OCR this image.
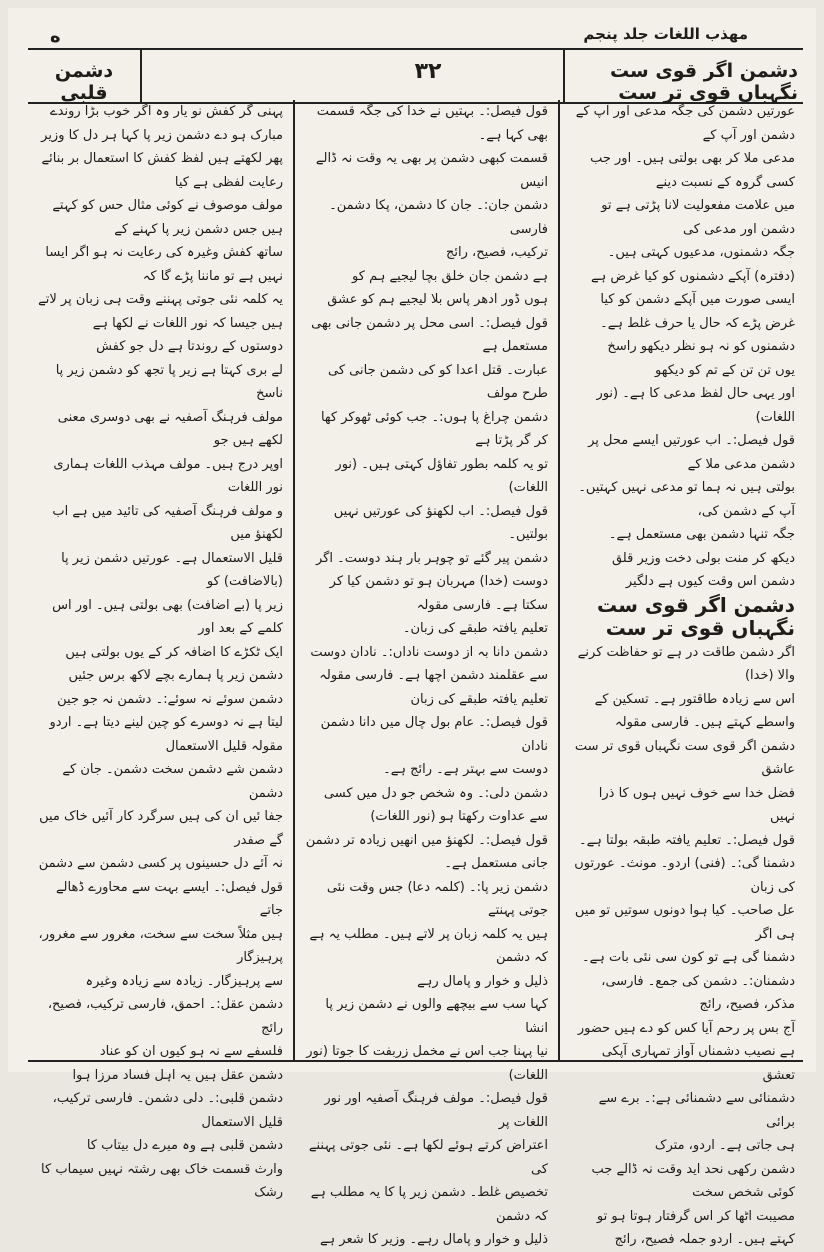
ه	مهذب اللغات جلد پنجم
دشمن قلبی
۳۲	دشمن اگر قوی ست نگہباں قوی تر ست

پہنی گر کفش نو یار وہ اگر خوب بڑا روندے

مبارک ہو دے دشمن زیر پا کہا ہر دل کا وزیر

پھر لکھتے ہیں لفظ کفش کا استعمال بر بنائے رعایت لفظی ہے کیا

مولف موصوف نے کوئی مثال حس کو کہتے ہیں جس دشمن زیر پا کہنے کے

ساتھ کفش وغیرہ کی رعایت نہ ہو اگر ایسا نہیں ہے تو ماننا پڑے گا کہ

یہ کلمہ نئی جوتی پہننے وقت ہی زبان پر لاتے ہیں جیسا کہ نور اللغات نے لکھا ہے

دوستوں کے روندتا ہے دل جو کفش

لے بری کہتا ہے زیر پا تجھ کو دشمن زیر پا ناسخ

مولف فرہنگ آصفیہ نے بھی دوسری معنی لکھے ہیں جو

اوپر درج ہیں۔ مولف مہذب اللغات ہماری نور اللغات

و مولف فرہنگ آصفیہ کی تائید میں ہے اب لکھنؤ میں

قلیل الاستعمال ہے۔ عورتیں دشمن زیر پا (بالاضافت) کو

زیر پا (بے اضافت) بھی بولتی ہیں۔ اور اس کلمے کے بعد اور

ایک ٹکڑے کا اضافہ کر کے یوں بولتی ہیں

دشمن زیر پا ہمارے بچے لاکھ برس جئیں

دشمن سوئے نہ سوئے:۔ دشمن نہ جو جین

لیتا ہے نہ دوسرے کو چین لینے دیتا ہے۔ اردو مقولہ قلیل الاستعمال

دشمن شے دشمن سخت دشمن۔ جان کے دشمن

جفا ئیں ان کی ہیں سرگرد کار آئیں خاک میں گے صفدر

نہ آئے دل حسینوں پر کسی دشمن سے دشمن

قول فیصل:۔ ایسے بہت سے محاورے ڈھالے جاتے

ہیں مثلاً سخت سے سخت، مغرور سے مغرور، پرہیزگار

سے پرہیزگار۔ زیادہ سے زیادہ وغیرہ

دشمن عقل:۔ احمق، فارسی ترکیب، فصیح، رائج

فلسفے سے نہ ہو کیوں ان کو عناد

دشمن عقل ہیں یہ اہل فساد مرزا ہوا

دشمن قلبی:۔ دلی دشمن۔ فارسی ترکیب، قلیل الاستعمال

دشمن قلبی ہے وہ میرے دل بیتاب کا

وارث قسمت خاک بھی رشتہ نہیں سیماب کا رشک

قول فیصل:۔ بہتیں نے خدا کی جگہ قسمت بھی کہا ہے۔

قسمت کبھی دشمن پر بھی یہ وقت نہ ڈالے انیس

دشمن جان:۔ جان کا دشمن، پکا دشمن۔ فارسی

ترکیب، فصیح، رائج

ہے دشمن جان خلق بچا لیجیے ہم کو

ہوں ڈور ادھر پاس بلا لیجیے ہم کو عشق

قول فیصل:۔ اسی محل پر دشمن جانی بھی مستعمل ہے

عبارت۔ قتل اعدا کو کی دشمن جانی کی طرح مولف

دشمن چراغ پا ہوں:۔ جب کوئی ٹھوکر کھا کر گر پڑتا ہے

تو یہ کلمہ بطور تفاؤل کہتی ہیں۔ (نور اللغات)

قول فیصل:۔ اب لکھنؤ کی عورتیں نہیں بولتیں۔

دشمن پیر گئے تو چوہر بار ہند دوست۔ اگر

دوست (خدا) مہربان ہو تو دشمن کیا کر سکتا ہے۔ فارسی مقولہ

تعلیم یافتہ طبقے کی زبان۔

دشمن دانا بہ از دوست ناداں:۔ نادان دوست

سے عقلمند دشمن اچھا ہے۔ فارسی مقولہ تعلیم یافتہ طبقے کی زبان

قول فیصل:۔ عام بول چال میں دانا دشمن نادان

دوست سے بہتر ہے۔ رائج ہے۔

دشمن دلی:۔ وہ شخص جو دل میں کسی سے عداوت رکھتا ہو (نور اللغات)

قول فیصل:۔ لکھنؤ میں انھیں زیادہ تر دشمن جانی مستعمل ہے۔

دشمن زیر پا:۔ (کلمہ دعا) جس وقت نئی جوتی پہنتے

ہیں یہ کلمہ زبان پر لاتے ہیں۔ مطلب یہ ہے کہ دشمن

ذلیل و خوار و پامال رہے

کہا سب سے بیچھے والوں نے دشمن زیر پا انشا

نیا پہنا جب اس نے مخمل زربفت کا جوتا (نور اللغات)

قول فیصل:۔ مولف فرہنگ آصفیہ اور نور اللغات پر

اعتراض کرتے ہوئے لکھا ہے۔ نئی جوتی پہننے کی

تخصیص غلط۔ دشمن زیر پا کا یہ مطلب ہے کہ دشمن

ذلیل و خوار و پامال رہے۔ وزیر کا شعر ہے

عورتیں دشمن کی جگہ مدعی اور آپ کے دشمن اور آپ کے

مدعی ملا کر بھی بولتی ہیں۔ اور جب کسی گروہ کے نسبت دینے

میں علامت مفعولیت لانا پڑتی ہے تو دشمن اور مدعی کی

جگہ دشمنوں، مدعیوں کہتی ہیں۔ (دفترہ) آپکے دشمنوں کو کیا غرض ہے

ایسی صورت میں آپکے دشمن کو کیا غرض پڑے کہ حال یا حرف غلط ہے۔

دشمنوں کو نہ ہو نظر دیکھو راسخ

یوں تن تن کے تم کو دیکھو

اور یہی حال لفظ مدعی کا ہے۔ (نور اللغات)

قول فیصل:۔ اب عورتیں ایسے محل پر دشمن مدعی ملا کے

بولتی ہیں نہ ہما تو مدعی نہیں کہتیں۔ آپ کے دشمن کی،

جگہ تنہا دشمن بھی مستعمل ہے۔

دیکھ کر منت بولی دخت وزیر قلق

دشمن اس وقت کیوں ہے دلگیر

دشمن اگر قوی ست نگہباں قوی تر ست

اگر دشمن طاقت در ہے تو حفاظت کرنے والا (خدا)

اس سے زیادہ طاقتور ہے۔ تسکین کے واسطے کہتے ہیں۔ فارسی مقولہ

دشمن اگر قوی ست نگہباں قوی تر ست عاشق

فضل خدا سے خوف نہیں ہوں کا ذرا نہیں

قول فیصل:۔ تعلیم یافتہ طبقہ بولتا ہے۔

دشمنا گی:۔ (فنی) اردو۔ مونث۔ عورتوں کی زبان

عل صاحب۔ کیا ہوا دونوں سوتیں تو میں ہی اگر

دشمنا گی ہے تو کون سی نئی بات ہے۔

دشمنان:۔ دشمن کی جمع۔ فارسی، مذکر، فصیح، رائج

آج بس پر رحم آیا کس کو دے ہیں حضور

ہے نصیب دشمناں آواز تمہاری آپکی تعشق

دشمنائی سے دشمنائی ہے:۔ برے سے برائی

ہی جاتی ہے۔ اردو، مترک

دشمن رکھی نحد اید وقت نہ ڈالے جب کوئی شخص سخت

مصیبت اٹھا کر اس گرفتار ہوتا ہو تو کہتے ہیں۔ اردو جملہ فصیح، رائج
